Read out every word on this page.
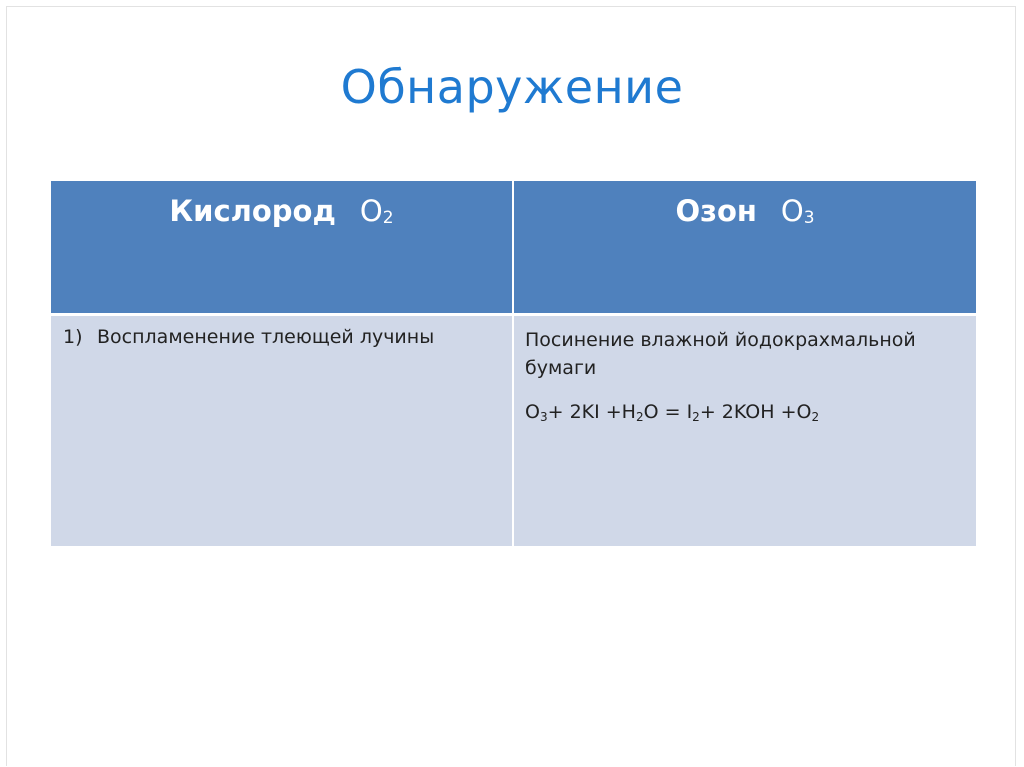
Обнаружение
Кислород $O_2$	Озон $O_3$

1) Воспламенение тлеющей лучины	Посинение влажной йодокрахмальной бумаги
$O_3+ 2KI +H_2O = I_2+ 2KOH +O_2$
